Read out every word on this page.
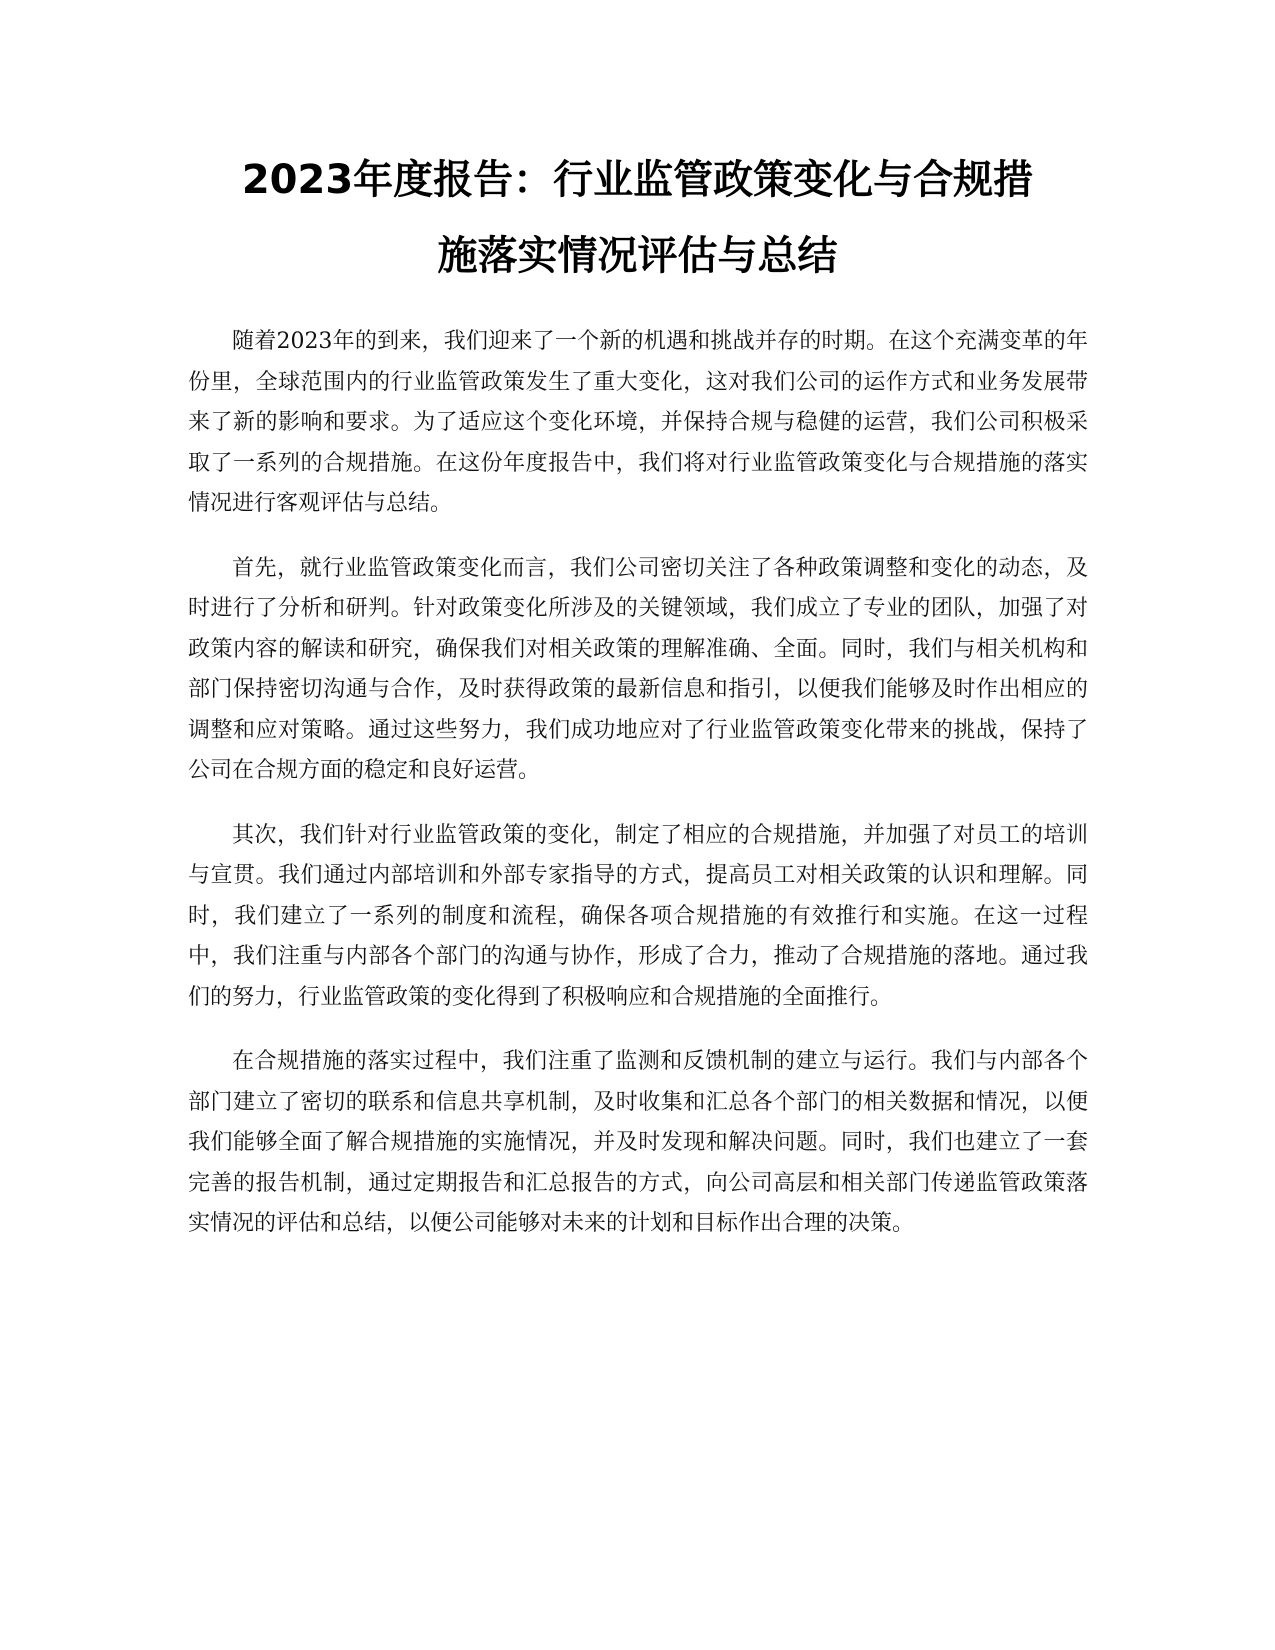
2023年度报告：行业监管政策变化与合规措
施落实情况评估与总结

随着2023年的到来，我们迎来了一个新的机遇和挑战并存的时期。在这个充满变革的年份里，全球范围内的行业监管政策发生了重大变化，这对我们公司的运作方式和业务发展带来了新的影响和要求。为了适应这个变化环境，并保持合规与稳健的运营，我们公司积极采取了一系列的合规措施。在这份年度报告中，我们将对行业监管政策变化与合规措施的落实情况进行客观评估与总结。

首先，就行业监管政策变化而言，我们公司密切关注了各种政策调整和变化的动态，及时进行了分析和研判。针对政策变化所涉及的关键领域，我们成立了专业的团队，加强了对政策内容的解读和研究，确保我们对相关政策的理解准确、全面。同时，我们与相关机构和部门保持密切沟通与合作，及时获得政策的最新信息和指引，以便我们能够及时作出相应的调整和应对策略。通过这些努力，我们成功地应对了行业监管政策变化带来的挑战，保持了公司在合规方面的稳定和良好运营。

其次，我们针对行业监管政策的变化，制定了相应的合规措施，并加强了对员工的培训与宣贯。我们通过内部培训和外部专家指导的方式，提高员工对相关政策的认识和理解。同时，我们建立了一系列的制度和流程，确保各项合规措施的有效推行和实施。在这一过程中，我们注重与内部各个部门的沟通与协作，形成了合力，推动了合规措施的落地。通过我们的努力，行业监管政策的变化得到了积极响应和合规措施的全面推行。

在合规措施的落实过程中，我们注重了监测和反馈机制的建立与运行。我们与内部各个部门建立了密切的联系和信息共享机制，及时收集和汇总各个部门的相关数据和情况，以便我们能够全面了解合规措施的实施情况，并及时发现和解决问题。同时，我们也建立了一套完善的报告机制，通过定期报告和汇总报告的方式，向公司高层和相关部门传递监管政策落实情况的评估和总结，以便公司能够对未来的计划和目标作出合理的决策。
